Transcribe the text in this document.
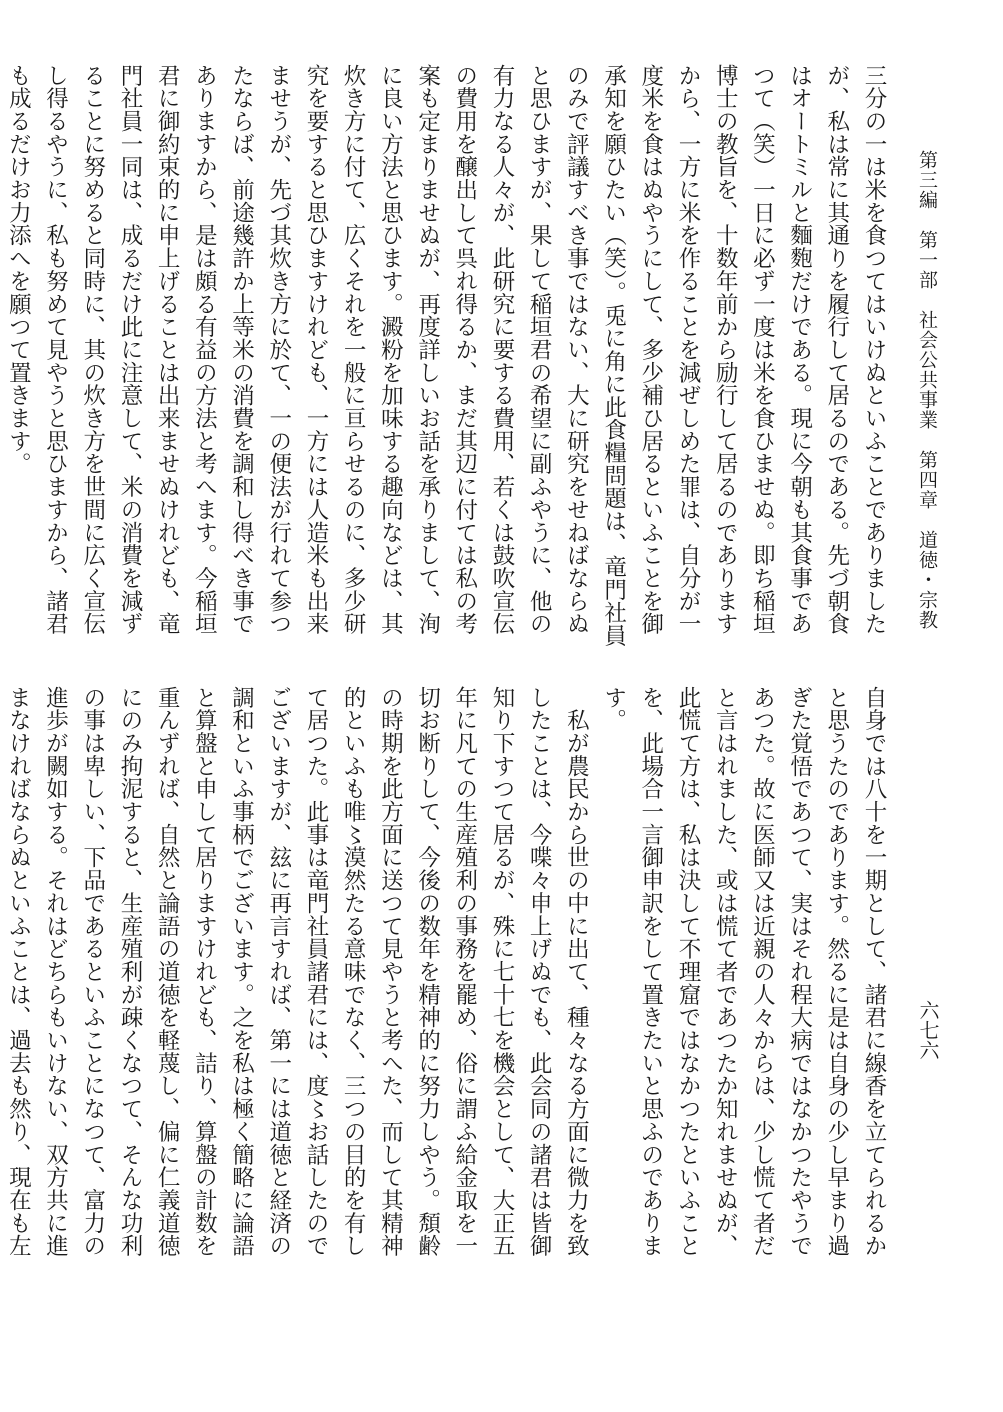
第三編　第一部　社会公共事業　第四章　道徳・宗教
六七六

三分の一は米を食つてはいけぬといふことでありましたが、私は常に其通りを履行して居るのである。先づ朝食はオートミルと麵麭だけである。現に今朝も其食事であつて（笑）一日に必ず一度は米を食ひませぬ。即ち稲垣博士の教旨を、十数年前から励行して居るのでありますから、一方に米を作ることを減ぜしめた罪は、自分が一度米を食はぬやうにして、多少補ひ居るといふことを御承知を願ひたい（笑）。兎に角に此食糧問題は、竜門社員のみで評議すべき事ではない、大に研究をせねばならぬと思ひますが、果して稲垣君の希望に副ふやうに、他の有力なる人々が、此研究に要する費用、若くは鼓吹宣伝の費用を醸出して呉れ得るか、まだ其辺に付ては私の考案も定まりませぬが、再度詳しいお話を承りまして、洵に良い方法と思ひます。澱粉を加味する趣向などは、其炊き方に付て、広くそれを一般に亘らせるのに、多少研究を要すると思ひますけれども、一方には人造米も出来ませうが、先づ其炊き方に於て、一の便法が行れて参つたならば、前途幾許か上等米の消費を調和し得べき事でありますから、是は頗る有益の方法と考へます。今稲垣君に御約束的に申上げることは出来ませぬけれども、竜門社員一同は、成るだけ此に注意して、米の消費を減ずることに努めると同時に、其の炊き方を世間に広く宣伝し得るやうに、私も努めて見やうと思ひますから、諸君も成るだけお力添へを願つて置きます。

自身では八十を一期として、諸君に線香を立てられるかと思うたのであります。然るに是は自身の少し早まり過ぎた覚悟であつて、実はそれ程大病ではなかつたやうであつた。故に医師又は近親の人々からは、少し慌て者だと言はれました、或は慌て者であつたか知れませぬが、此慌て方は、私は決して不理窟ではなかつたといふことを、此場合一言御申訳をして置きたいと思ふのであります。

　私が農民から世の中に出て、種々なる方面に微力を致したことは、今喋々申上げぬでも、此会同の諸君は皆御知り下すつて居るが、殊に七十七を機会として、大正五年に凡ての生産殖利の事務を罷め、俗に謂ふ給金取を一切お断りして、今後の数年を精神的に努力しやう。頽齢の時期を此方面に送つて見やうと考へた、而して其精神的といふも唯〻漠然たる意味でなく、三つの目的を有して居つた。此事は竜門社員諸君には、度〻お話したのでございますが、玆に再言すれば、第一には道徳と経済の調和といふ事柄でございます。之を私は極く簡略に論語と算盤と申して居りますけれども、詰り、算盤の計数を重んずれば、自然と論語の道徳を軽蔑し、偏に仁義道徳にのみ拘泥すると、生産殖利が疎くなつて、そんな功利の事は卑しい、下品であるといふことになつて、富力の進歩が闕如する。それはどちらもいけない、双方共に進まなければならぬといふことは、過去も然り、現在も左
